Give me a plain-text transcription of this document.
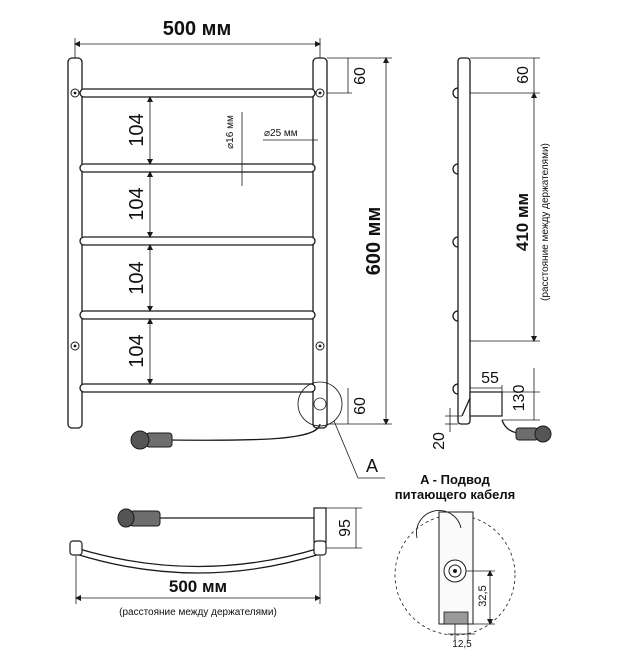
A
500 мм
600 мм
60
60
104
104
104
104
⌀16 мм	⌀25 мм
60
410 мм (расстояние между держателями)
55
130
20
95
500 мм
(расстояние между держателями)
A - Подвод
питающего кабеля
32,5
12,5
